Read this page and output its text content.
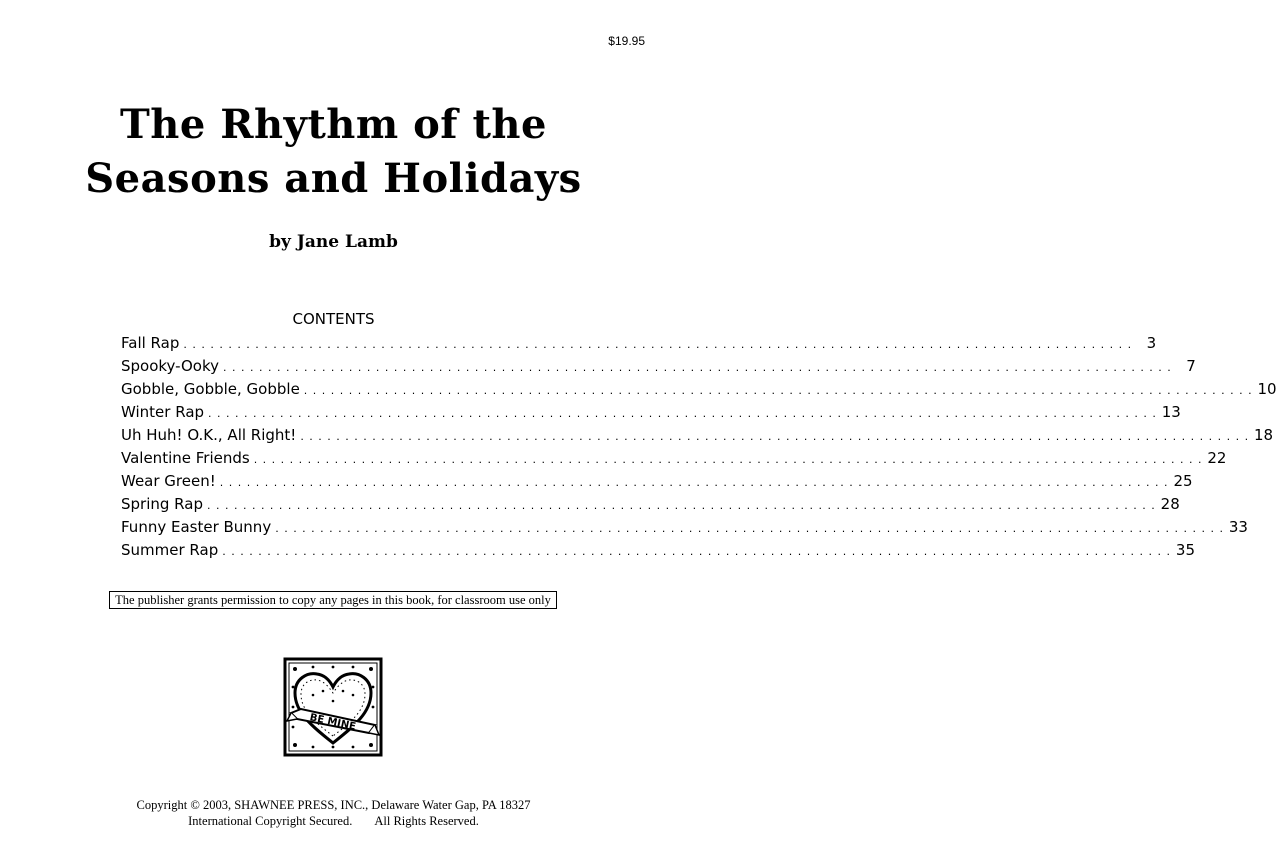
$19.95
The Rhythm of the
Seasons and Holidays
by Jane Lamb
CONTENTS
Fall Rap . . . . . . . . . . . . . . . . . . . . . . . . . . . . . . . . . . . . . . . . . . . . . . . . . . . . . . . . . . . . . . . . . . . . . . . . . . . . . . . . . . . . . . . . . . . . . . . . . . . . . . . . . . 3
Spooky-Ooky . . . . . . . . . . . . . . . . . . . . . . . . . . . . . . . . . . . . . . . . . . . . . . . . . . . . . . . . . . . . . . . . . . . . . . . . . . . . . . . . . . . . . . . . . . . . . . . . . . . . . . . . . . 7
Gobble, Gobble, Gobble . . . . . . . . . . . . . . . . . . . . . . . . . . . . . . . . . . . . . . . . . . . . . . . . . . . . . . . . . . . . . . . . . . . . . . . . . . . . . . . . . . . . . . . . . . . . . . . . . . . . . . . . . . 10
Winter Rap . . . . . . . . . . . . . . . . . . . . . . . . . . . . . . . . . . . . . . . . . . . . . . . . . . . . . . . . . . . . . . . . . . . . . . . . . . . . . . . . . . . . . . . . . . . . . . . . . . . . . . . . . . 13
Uh Huh! O.K., All Right! . . . . . . . . . . . . . . . . . . . . . . . . . . . . . . . . . . . . . . . . . . . . . . . . . . . . . . . . . . . . . . . . . . . . . . . . . . . . . . . . . . . . . . . . . . . . . . . . . . . . . . . . . . 18
Valentine Friends . . . . . . . . . . . . . . . . . . . . . . . . . . . . . . . . . . . . . . . . . . . . . . . . . . . . . . . . . . . . . . . . . . . . . . . . . . . . . . . . . . . . . . . . . . . . . . . . . . . . . . . . . . 22
Wear Green! . . . . . . . . . . . . . . . . . . . . . . . . . . . . . . . . . . . . . . . . . . . . . . . . . . . . . . . . . . . . . . . . . . . . . . . . . . . . . . . . . . . . . . . . . . . . . . . . . . . . . . . . . . 25
Spring Rap . . . . . . . . . . . . . . . . . . . . . . . . . . . . . . . . . . . . . . . . . . . . . . . . . . . . . . . . . . . . . . . . . . . . . . . . . . . . . . . . . . . . . . . . . . . . . . . . . . . . . . . . . . 28
Funny Easter Bunny . . . . . . . . . . . . . . . . . . . . . . . . . . . . . . . . . . . . . . . . . . . . . . . . . . . . . . . . . . . . . . . . . . . . . . . . . . . . . . . . . . . . . . . . . . . . . . . . . . . . . . . . . . 33
Summer Rap . . . . . . . . . . . . . . . . . . . . . . . . . . . . . . . . . . . . . . . . . . . . . . . . . . . . . . . . . . . . . . . . . . . . . . . . . . . . . . . . . . . . . . . . . . . . . . . . . . . . . . . . . . 35
The publisher grants permission to copy any pages in this book, for classroom use only
BE MINE
Copyright © 2003, SHAWNEE PRESS, INC., Delaware Water Gap, PA 18327
International Copyright Secured. All Rights Reserved.
